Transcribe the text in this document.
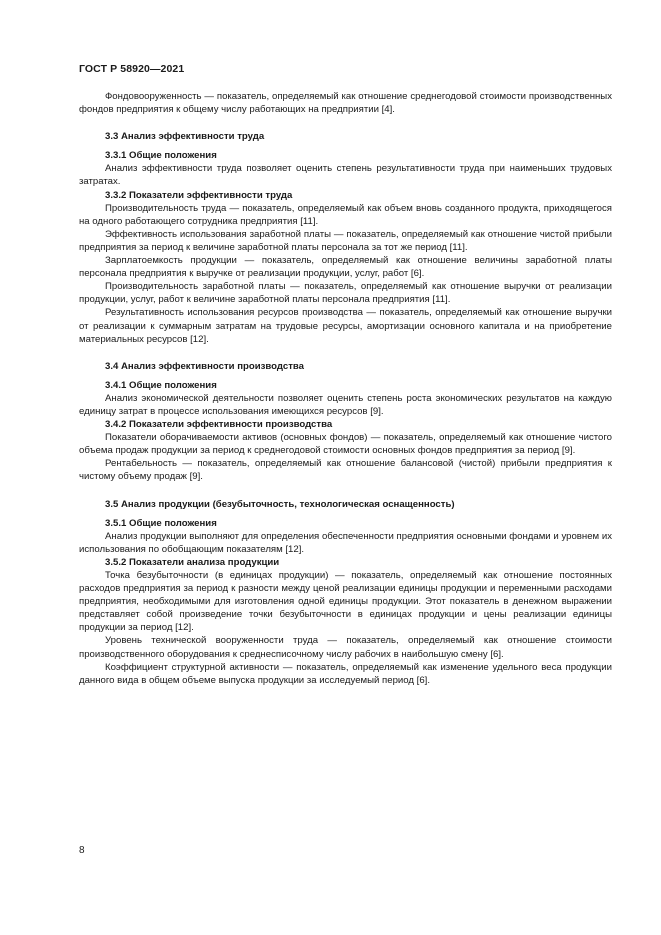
ГОСТ Р 58920—2021

Фондовооруженность — показатель, определяемый как отношение среднегодовой стоимости производственных фондов предприятия к общему числу работающих на предприятии [4].

3.3 Анализ эффективности труда
3.3.1 Общие положения

Анализ эффективности труда позволяет оценить степень результативности труда при наименьших трудовых затратах.

3.3.2 Показатели эффективности труда

Производительность труда — показатель, определяемый как объем вновь созданного продукта, приходящегося на одного работающего сотрудника предприятия [11].

Эффективность использования заработной платы — показатель, определяемый как отношение чистой прибыли предприятия за период к величине заработной платы персонала за тот же период [11].

Зарплатоемкость продукции — показатель, определяемый как отношение величины заработной платы персонала предприятия к выручке от реализации продукции, услуг, работ [6].

Производительность заработной платы — показатель, определяемый как отношение выручки от реализации продукции, услуг, работ к величине заработной платы персонала предприятия [11].

Результативность использования ресурсов производства — показатель, определяемый как отношение выручки от реализации к суммарным затратам на трудовые ресурсы, амортизации основного капитала и на приобретение материальных ресурсов [12].

3.4 Анализ эффективности производства
3.4.1 Общие положения

Анализ экономической деятельности позволяет оценить степень роста экономических результатов на каждую единицу затрат в процессе использования имеющихся ресурсов [9].

3.4.2 Показатели эффективности производства

Показатели оборачиваемости активов (основных фондов) — показатель, определяемый как отношение чистого объема продаж продукции за период к среднегодовой стоимости основных фондов предприятия за период [9].

Рентабельность — показатель, определяемый как отношение балансовой (чистой) прибыли предприятия к чистому объему продаж [9].

3.5 Анализ продукции (безубыточность, технологическая оснащенность)
3.5.1 Общие положения

Анализ продукции выполняют для определения обеспеченности предприятия основными фондами и уровнем их использования по обобщающим показателям [12].

3.5.2 Показатели анализа продукции

Точка безубыточности (в единицах продукции) — показатель, определяемый как отношение постоянных расходов предприятия за период к разности между ценой реализации единицы продукции и переменными расходами предприятия, необходимыми для изготовления одной единицы продукции. Этот показатель в денежном выражении представляет собой произведение точки безубыточности в единицах продукции и цены реализации единицы продукции за период [12].

Уровень технической вооруженности труда — показатель, определяемый как отношение стоимости производственного оборудования к среднесписочному числу рабочих в наибольшую смену [6].

Коэффициент структурной активности — показатель, определяемый как изменение удельного веса продукции данного вида в общем объеме выпуска продукции за исследуемый период [6].

8
